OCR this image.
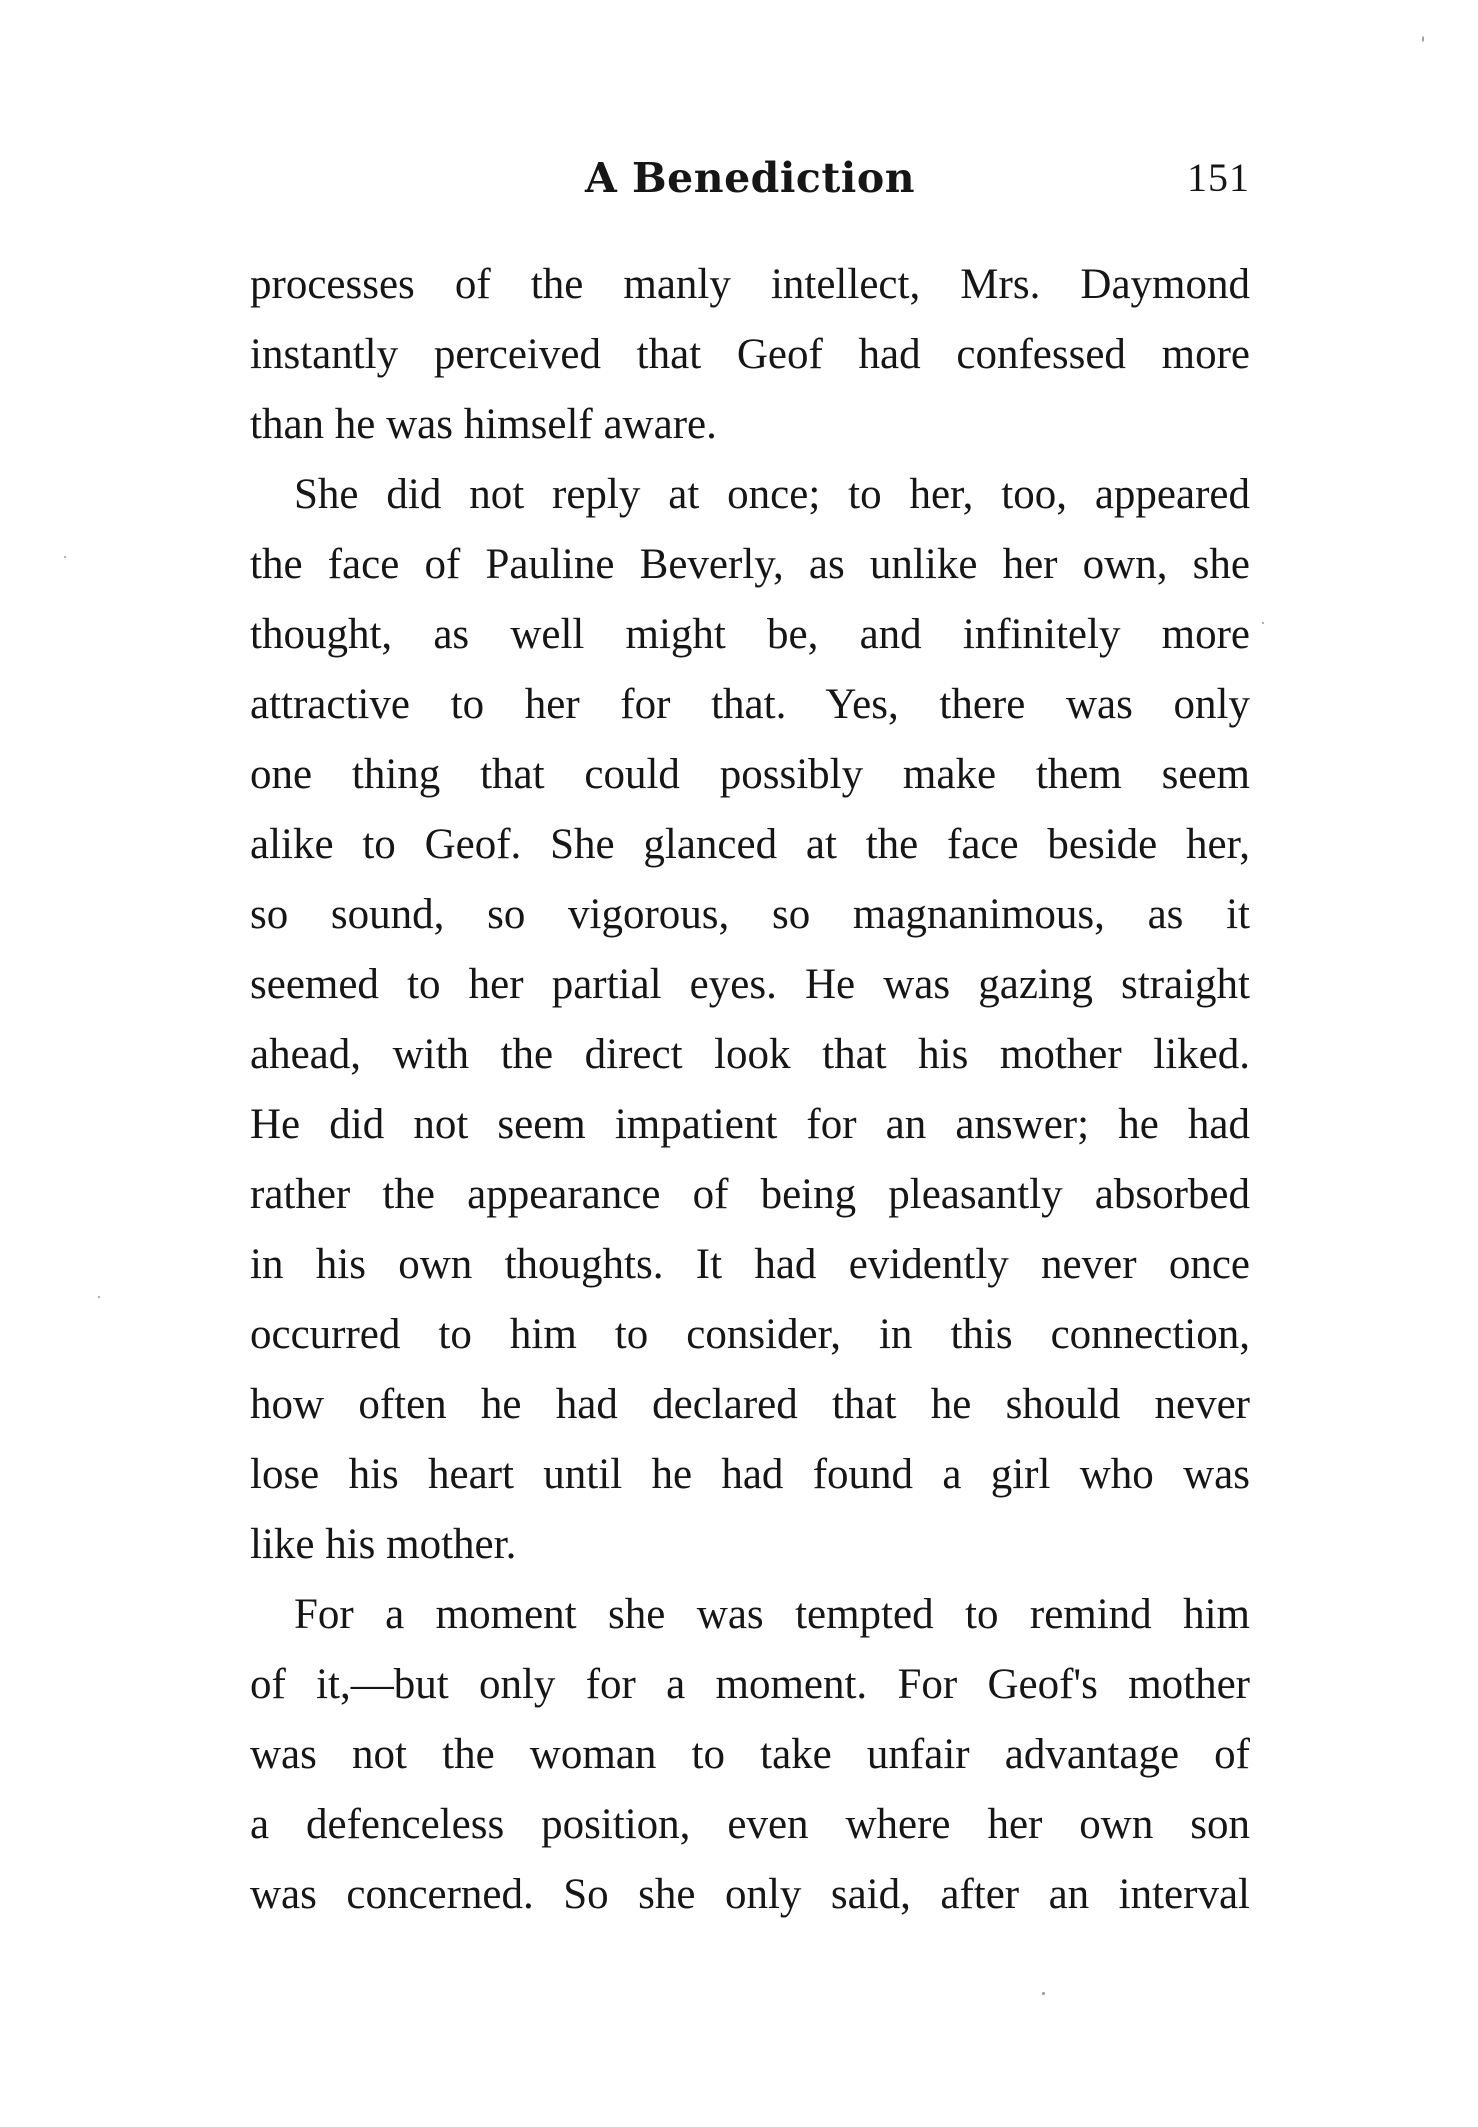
A Benediction	151
processes of the manly intellect, Mrs. Daymond
instantly perceived that Geof had confessed more
than he was himself aware.
She did not reply at once; to her, too, appeared
the face of Pauline Beverly, as unlike her own, she
thought, as well might be, and infinitely more
attractive to her for that. Yes, there was only
one thing that could possibly make them seem
alike to Geof. She glanced at the face beside her,
so sound, so vigorous, so magnanimous, as it
seemed to her partial eyes. He was gazing straight
ahead, with the direct look that his mother liked.
He did not seem impatient for an answer; he had
rather the appearance of being pleasantly absorbed
in his own thoughts. It had evidently never once
occurred to him to consider, in this connection,
how often he had declared that he should never
lose his heart until he had found a girl who was
like his mother.
For a moment she was tempted to remind him
of it,—but only for a moment. For Geof's mother
was not the woman to take unfair advantage of
a defenceless position, even where her own son
was concerned. So she only said, after an interval
